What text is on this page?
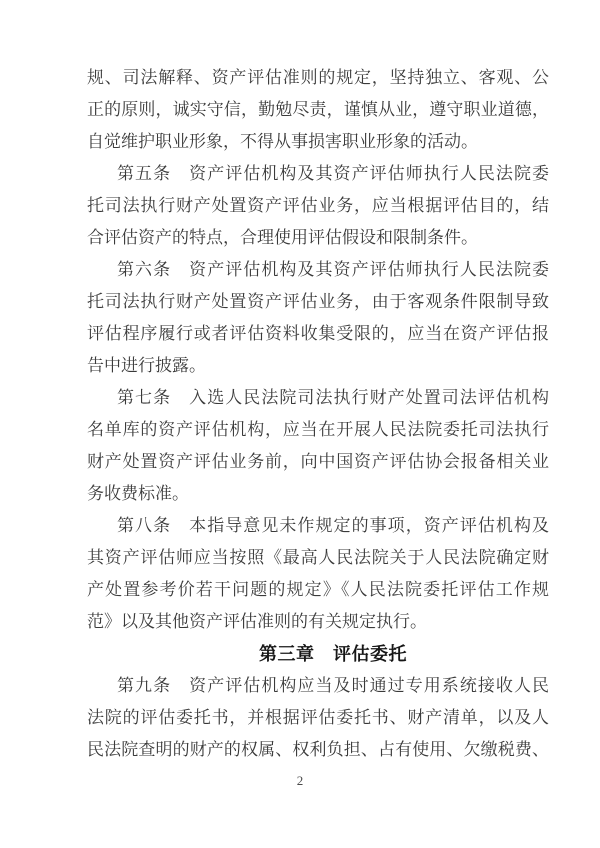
规、司法解释、资产评估准则的规定，坚持独立、客观、公
正的原则，诚实守信，勤勉尽责，谨慎从业，遵守职业道德，
自觉维护职业形象，不得从事损害职业形象的活动。
第五条　资产评估机构及其资产评估师执行人民法院委
托司法执行财产处置资产评估业务，应当根据评估目的，结
合评估资产的特点，合理使用评估假设和限制条件。
第六条　资产评估机构及其资产评估师执行人民法院委
托司法执行财产处置资产评估业务，由于客观条件限制导致
评估程序履行或者评估资料收集受限的，应当在资产评估报
告中进行披露。
第七条　入选人民法院司法执行财产处置司法评估机构
名单库的资产评估机构，应当在开展人民法院委托司法执行
财产处置资产评估业务前，向中国资产评估协会报备相关业
务收费标准。
第八条　本指导意见未作规定的事项，资产评估机构及
其资产评估师应当按照《最高人民法院关于人民法院确定财
产处置参考价若干问题的规定》《人民法院委托评估工作规
范》以及其他资产评估准则的有关规定执行。
第三章　评估委托
第九条　资产评估机构应当及时通过专用系统接收人民
法院的评估委托书，并根据评估委托书、财产清单，以及人
民法院查明的财产的权属、权利负担、占有使用、欠缴税费、
2
